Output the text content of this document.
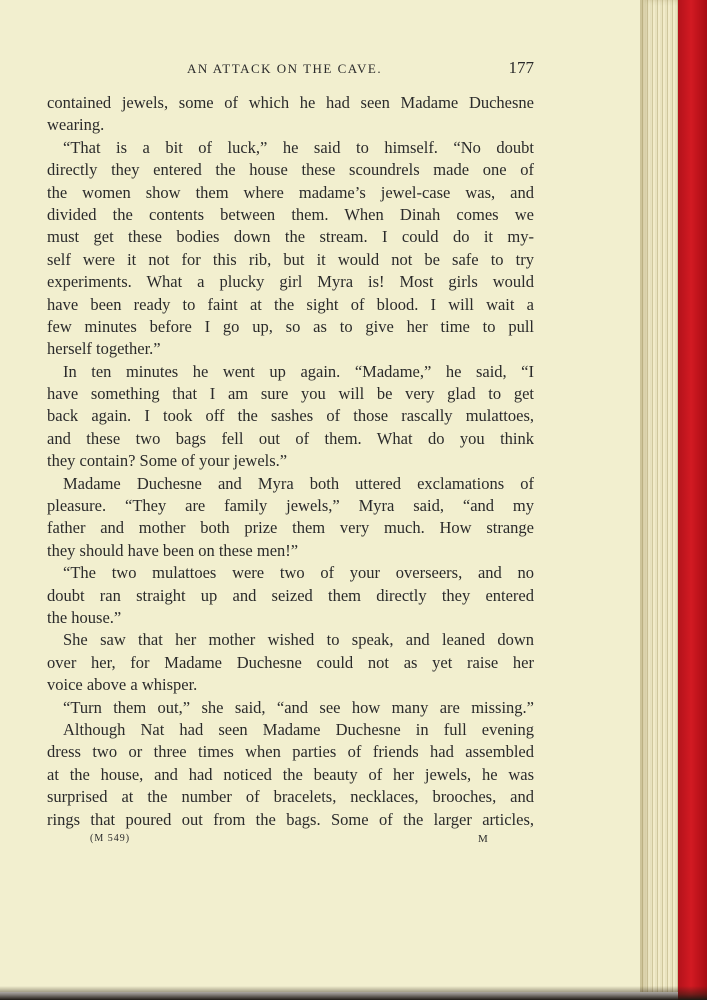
AN ATTACK ON THE CAVE.	177
contained jewels, some of which he had seen Madame Duchesne
wearing.
“That is a bit of luck,” he said to himself. “No doubt
directly they entered the house these scoundrels made one of
the women show them where madame’s jewel-case was, and
divided the contents between them. When Dinah comes we
must get these bodies down the stream. I could do it my-
self were it not for this rib, but it would not be safe to try
experiments. What a plucky girl Myra is! Most girls would
have been ready to faint at the sight of blood. I will wait a
few minutes before I go up, so as to give her time to pull
herself together.”
In ten minutes he went up again. “Madame,” he said, “I
have something that I am sure you will be very glad to get
back again. I took off the sashes of those rascally mulattoes,
and these two bags fell out of them. What do you think
they contain? Some of your jewels.”
Madame Duchesne and Myra both uttered exclamations of
pleasure. “They are family jewels,” Myra said, “and my
father and mother both prize them very much. How strange
they should have been on these men!”
“The two mulattoes were two of your overseers, and no
doubt ran straight up and seized them directly they entered
the house.”
She saw that her mother wished to speak, and leaned down
over her, for Madame Duchesne could not as yet raise her
voice above a whisper.
“Turn them out,” she said, “and see how many are missing.”
Although Nat had seen Madame Duchesne in full evening
dress two or three times when parties of friends had assembled
at the house, and had noticed the beauty of her jewels, he was
surprised at the number of bracelets, necklaces, brooches, and
rings that poured out from the bags. Some of the larger articles,
(M 549)	M
